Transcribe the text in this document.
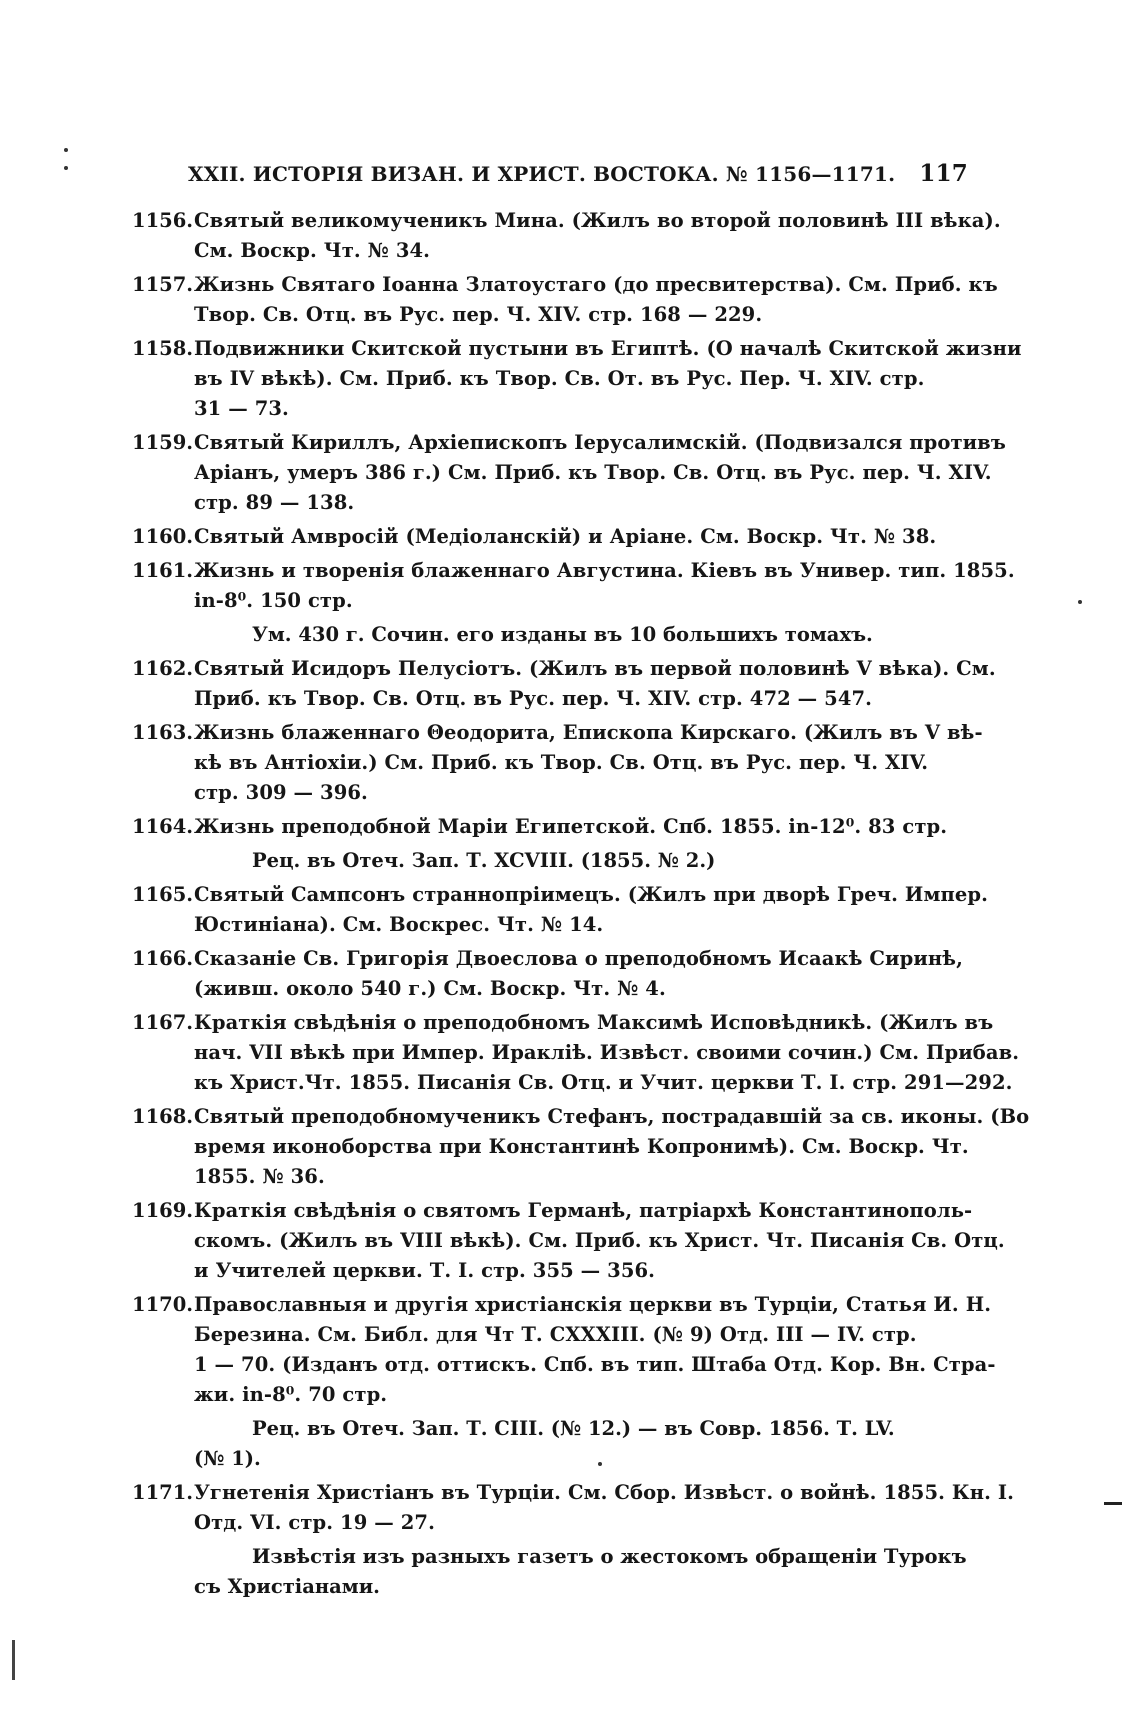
XXII. ИСТОРІЯ ВИЗАН. И ХРИСТ. ВОСТОКА. № 1156—1171. 117
1156. Святый великомученикъ Мина. (Жилъ во второй половинѣ III вѣка).
См. Воскр. Чт. № 34.
1157. Жизнь Святаго Іоанна Златоустаго (до пресвитерства). См. Приб. къ
Твор. Св. Отц. въ Рус. пер. Ч. XIV. стр. 168 — 229.
1158. Подвижники Скитской пустыни въ Египтѣ. (О началѣ Скитской жизни
въ IV вѣкѣ). См. Приб. къ Твор. Св. От. въ Рус. Пер. Ч. XIV. стр.
31 — 73.
1159. Святый Кириллъ, Архіепископъ Іерусалимскій. (Подвизался противъ
Аріанъ, умеръ 386 г.) См. Приб. къ Твор. Св. Отц. въ Рус. пер. Ч. XIV.
стр. 89 — 138.
1160. Святый Амвросій (Медіоланскій) и Аріане. См. Воскр. Чт. № 38.
1161. Жизнь и творенія блаженнаго Августина. Кіевъ въ Универ. тип. 1855.
in-8⁰. 150 стр.
Ум. 430 г. Сочин. его изданы въ 10 большихъ томахъ.
1162. Святый Исидоръ Пелусіотъ. (Жилъ въ первой половинѣ V вѣка). См.
Приб. къ Твор. Св. Отц. въ Рус. пер. Ч. XIV. стр. 472 — 547.
1163. Жизнь блаженнаго Θеодорита, Епископа Кирскаго. (Жилъ въ V вѣ-
кѣ въ Антіохіи.) См. Приб. къ Твор. Св. Отц. въ Рус. пер. Ч. XIV.
стр. 309 — 396.
1164. Жизнь преподобной Маріи Египетской. Спб. 1855. in-12⁰. 83 стр.
Рец. въ Отеч. Зап. Т. XCVIII. (1855. № 2.)
1165. Святый Сампсонъ страннопріимецъ. (Жилъ при дворѣ Греч. Импер.
Юстиніана). См. Воскрес. Чт. № 14.
1166. Сказаніе Св. Григорія Двоеслова о преподобномъ Исаакѣ Сиринѣ,
(живш. около 540 г.) См. Воскр. Чт. № 4.
1167. Краткія свѣдѣнія о преподобномъ Максимѣ Исповѣдникѣ. (Жилъ въ
нач. VII вѣкѣ при Импер. Иракліѣ. Извѣст. своими сочин.) См. Прибав.
къ Христ.Чт. 1855. Писанія Св. Отц. и Учит. церкви Т. I. стр. 291—292.
1168. Святый преподобномученикъ Стефанъ, пострадавшій за св. иконы. (Во
время иконоборства при Константинѣ Копронимѣ). См. Воскр. Чт.
1855. № 36.
1169. Краткія свѣдѣнія о святомъ Германѣ, патріархѣ Константинополь-
скомъ. (Жилъ въ VIII вѣкѣ). См. Приб. къ Христ. Чт. Писанія Св. Отц.
и Учителей церкви. Т. I. стр. 355 — 356.
1170. Православныя и другія христіанскія церкви въ Турціи, Статья И. Н.
Березина. См. Библ. для Чт Т. CXXXIII. (№ 9) Отд. III — IV. стр.
1 — 70. (Изданъ отд. оттискъ. Спб. въ тип. Штаба Отд. Кор. Вн. Стра-
жи. in-8⁰. 70 стр.
Рец. въ Отеч. Зап. Т. CIII. (№ 12.) — въ Совр. 1856. Т. LV.
(№ 1).
1171. Угнетенія Христіанъ въ Турціи. См. Сбор. Извѣст. о войнѣ. 1855. Кн. I.
Отд. VI. стр. 19 — 27.
Извѣстія изъ разныхъ газетъ о жестокомъ обращеніи Турокъ
съ Христіанами.
